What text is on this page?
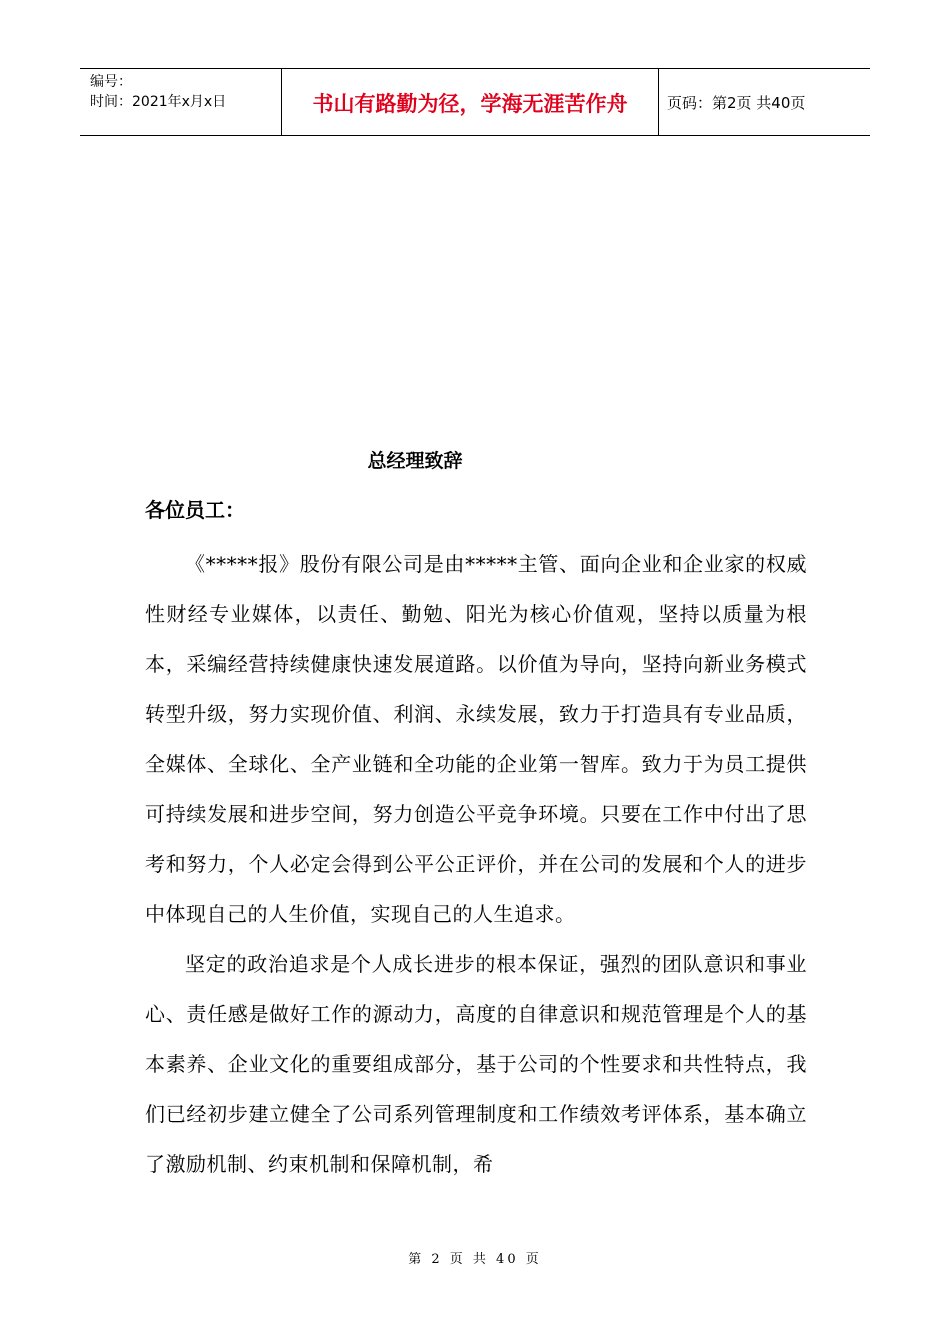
编号：
时间：2021年x月x日	书山有路勤为径，学海无涯苦作舟	页码：第2页 共40页
总经理致辞
各位员工：

《*****报》股份有限公司是由*****主管、面向企业和企业家的权威性财经专业媒体，以责任、勤勉、阳光为核心价值观，坚持以质量为根本，采编经营持续健康快速发展道路。以价值为导向，坚持向新业务模式转型升级，努力实现价值、利润、永续发展，致力于打造具有专业品质，全媒体、全球化、全产业链和全功能的企业第一智库。致力于为员工提供可持续发展和进步空间，努力创造公平竞争环境。只要在工作中付出了思考和努力，个人必定会得到公平公正评价，并在公司的发展和个人的进步中体现自己的人生价值，实现自己的人生追求。

坚定的政治追求是个人成长进步的根本保证，强烈的团队意识和事业心、责任感是做好工作的源动力，高度的自律意识和规范管理是个人的基本素养、企业文化的重要组成部分，基于公司的个性要求和共性特点，我们已经初步建立健全了公司系列管理制度和工作绩效考评体系，基本确立了激励机制、约束机制和保障机制，希

第 2 页 共 40 页
